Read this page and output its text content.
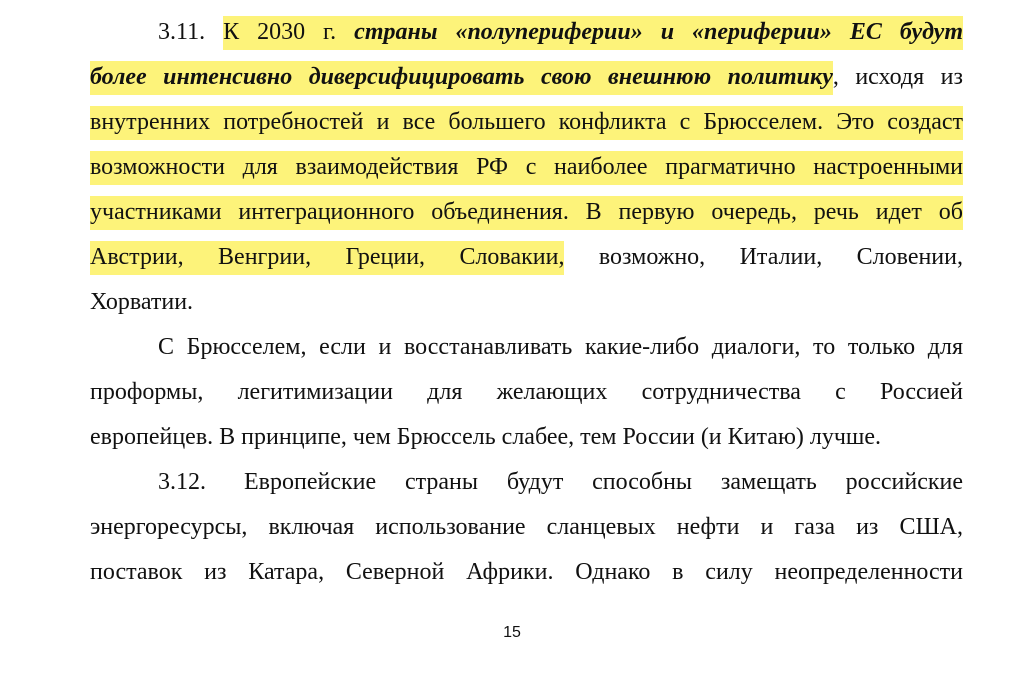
3.11. К 2030 г. страны «полупериферии» и «периферии» ЕС будут
более интенсивно диверсифицировать свою внешнюю политику, исходя из
внутренних потребностей и все большего конфликта с Брюсселем. Это создаст
возможности для взаимодействия РФ с наиболее прагматично настроенными
участниками интеграционного объединения. В первую очередь, речь идет об
Австрии, Венгрии, Греции, Словакии, возможно, Италии, Словении,
Хорватии.
С Брюсселем, если и восстанавливать какие-либо диалоги, то только для
проформы, легитимизации для желающих сотрудничества с Россией
европейцев. В принципе, чем Брюссель слабее, тем России (и Китаю) лучше.
3.12. Европейские страны будут способны замещать российские
энергоресурсы, включая использование сланцевых нефти и газа из США,
поставок из Катара, Северной Африки. Однако в силу неопределенности
15
